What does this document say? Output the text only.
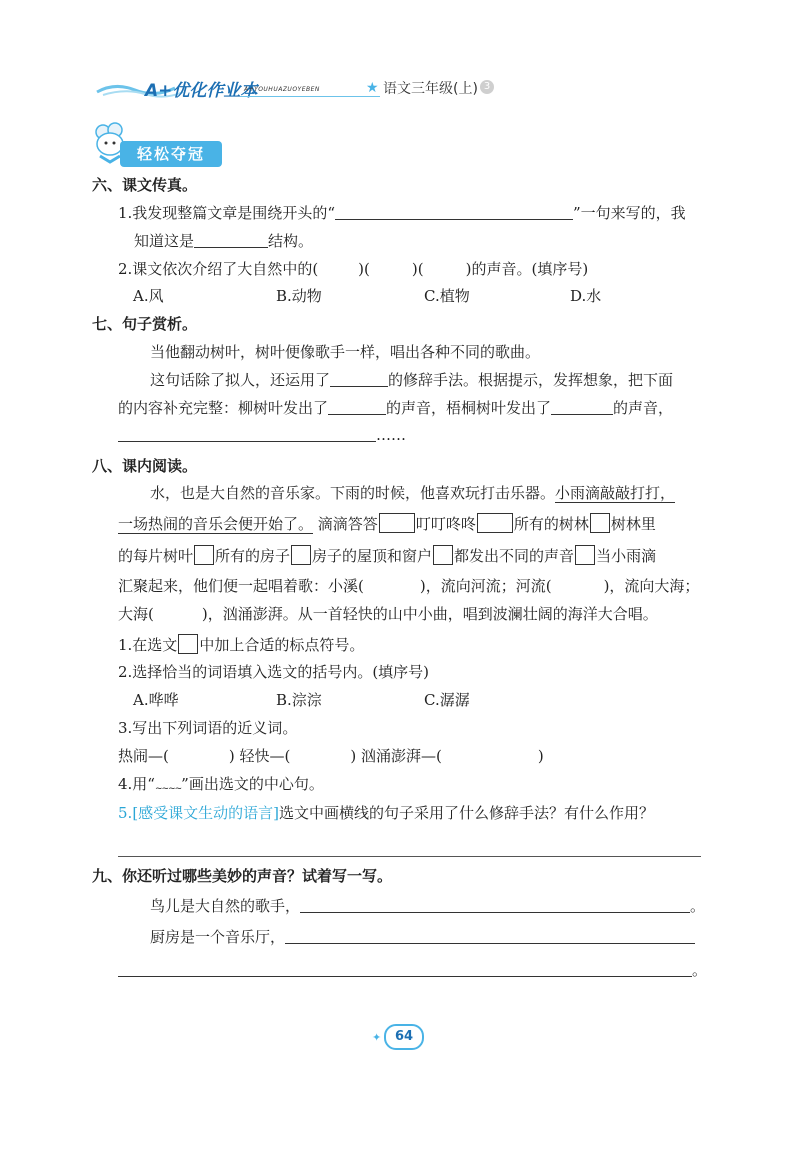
A+优化作业本
A+YOUHUAZUOYEBEN	★ 语文三年级(上) 3
轻松夺冠
六、课文传真。
1.我发现整篇文章是围绕开头的“	”一句来写的，我
知道这是	结构。
2.课文依次介绍了大自然中的(	)(	)(	)的声音。(填序号)
A.风	B.动物	C.植物	D.水
七、句子赏析。
当他翻动树叶，树叶便像歌手一样，唱出各种不同的歌曲。
这句话除了拟人，还运用了	的修辞手法。根据提示，发挥想象，把下面
的内容补充完整：柳树叶发出了	的声音，梧桐树叶发出了	的声音，
……
八、课内阅读。
水，也是大自然的音乐家。下雨的时候，他喜欢玩打击乐器。小雨滴敲敲打打，
一场热闹的音乐会便开始了。 滴滴答答	叮叮咚咚	所有的树林 树林里
的每片树叶 所有的房子 房子的屋顶和窗户 都发出不同的声音 当小雨滴
汇聚起来，他们便一起唱着歌：小溪(	)，流向河流；河流(	)，流向大海；
大海(	)，汹涌澎湃。从一首轻快的山中小曲，唱到波澜壮阔的海洋大合唱。
1.在选文 中加上合适的标点符号。
2.选择恰当的词语填入选文的括号内。(填序号)
A.哗哗	B.淙淙	C.潺潺
3.写出下列词语的近义词。
热闹—(	) 轻快—(	) 汹涌澎湃—(	)
4.用“~~~~”画出选文的中心句。
5.[感受课文生动的语言]选文中画横线的句子采用了什么修辞手法？有什么作用？
九、你还听过哪些美妙的声音？试着写一写。
鸟儿是大自然的歌手，	。
厨房是一个音乐厅，
。
✦	64
